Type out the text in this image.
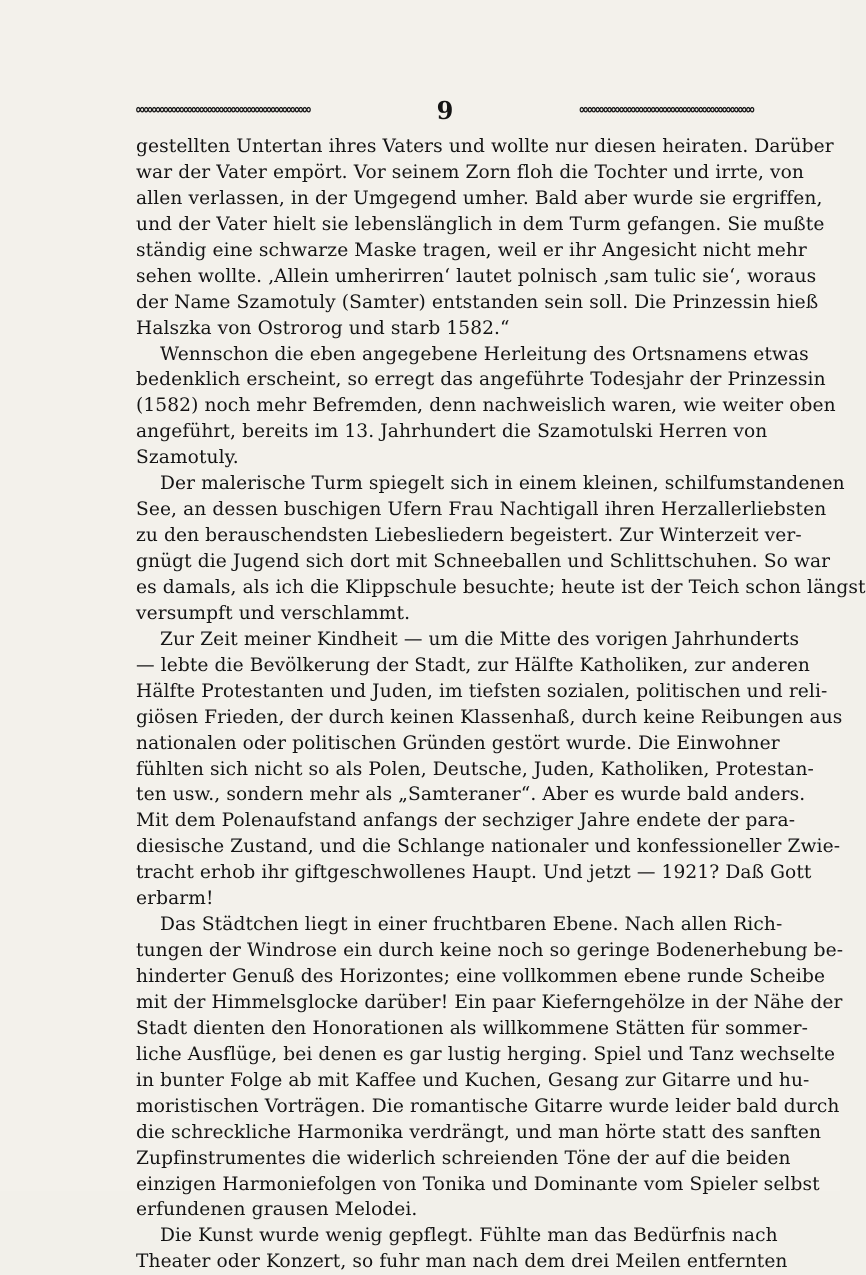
∞∞∞∞∞∞∞∞∞∞∞∞∞∞∞∞∞∞∞∞∞∞	9	∞∞∞∞∞∞∞∞∞∞∞∞∞∞∞∞∞∞∞∞∞∞
gestellten Untertan ihres Vaters und wollte nur diesen heiraten. Darüber
war der Vater empört. Vor seinem Zorn floh die Tochter und irrte, von
allen verlassen, in der Umgegend umher. Bald aber wurde sie ergriffen,
und der Vater hielt sie lebenslänglich in dem Turm gefangen. Sie mußte
ständig eine schwarze Maske tragen, weil er ihr Angesicht nicht mehr
sehen wollte. ‚Allein umherirren‘ lautet polnisch ‚sam tulic sie‘, woraus
der Name Szamotuly (Samter) entstanden sein soll. Die Prinzessin hieß
Halszka von Ostrorog und starb 1582.“
Wennschon die eben angegebene Herleitung des Ortsnamens etwas
bedenklich erscheint, so erregt das angeführte Todesjahr der Prinzessin
(1582) noch mehr Befremden, denn nachweislich waren, wie weiter oben
angeführt, bereits im 13. Jahrhundert die Szamotulski Herren von
Szamotuly.
Der malerische Turm spiegelt sich in einem kleinen, schilfumstandenen
See, an dessen buschigen Ufern Frau Nachtigall ihren Herzallerliebsten
zu den berauschendsten Liebesliedern begeistert. Zur Winterzeit ver-
gnügt die Jugend sich dort mit Schneeballen und Schlittschuhen. So war
es damals, als ich die Klippschule besuchte; heute ist der Teich schon längst
versumpft und verschlammt.
Zur Zeit meiner Kindheit — um die Mitte des vorigen Jahrhunderts
— lebte die Bevölkerung der Stadt, zur Hälfte Katholiken, zur anderen
Hälfte Protestanten und Juden, im tiefsten sozialen, politischen und reli-
giösen Frieden, der durch keinen Klassenhaß, durch keine Reibungen aus
nationalen oder politischen Gründen gestört wurde. Die Einwohner
fühlten sich nicht so als Polen, Deutsche, Juden, Katholiken, Protestan-
ten usw., sondern mehr als „Samteraner“. Aber es wurde bald anders.
Mit dem Polenaufstand anfangs der sechziger Jahre endete der para-
diesische Zustand, und die Schlange nationaler und konfessioneller Zwie-
tracht erhob ihr giftgeschwollenes Haupt. Und jetzt — 1921? Daß Gott
erbarm!
Das Städtchen liegt in einer fruchtbaren Ebene. Nach allen Rich-
tungen der Windrose ein durch keine noch so geringe Bodenerhebung be-
hinderter Genuß des Horizontes; eine vollkommen ebene runde Scheibe
mit der Himmelsglocke darüber! Ein paar Kieferngehölze in der Nähe der
Stadt dienten den Honorationen als willkommene Stätten für sommer-
liche Ausflüge, bei denen es gar lustig herging. Spiel und Tanz wechselte
in bunter Folge ab mit Kaffee und Kuchen, Gesang zur Gitarre und hu-
moristischen Vorträgen. Die romantische Gitarre wurde leider bald durch
die schreckliche Harmonika verdrängt, und man hörte statt des sanften
Zupfinstrumentes die widerlich schreienden Töne der auf die beiden
einzigen Harmoniefolgen von Tonika und Dominante vom Spieler selbst
erfundenen grausen Melodei.
Die Kunst wurde wenig gepflegt. Fühlte man das Bedürfnis nach
Theater oder Konzert, so fuhr man nach dem drei Meilen entfernten
